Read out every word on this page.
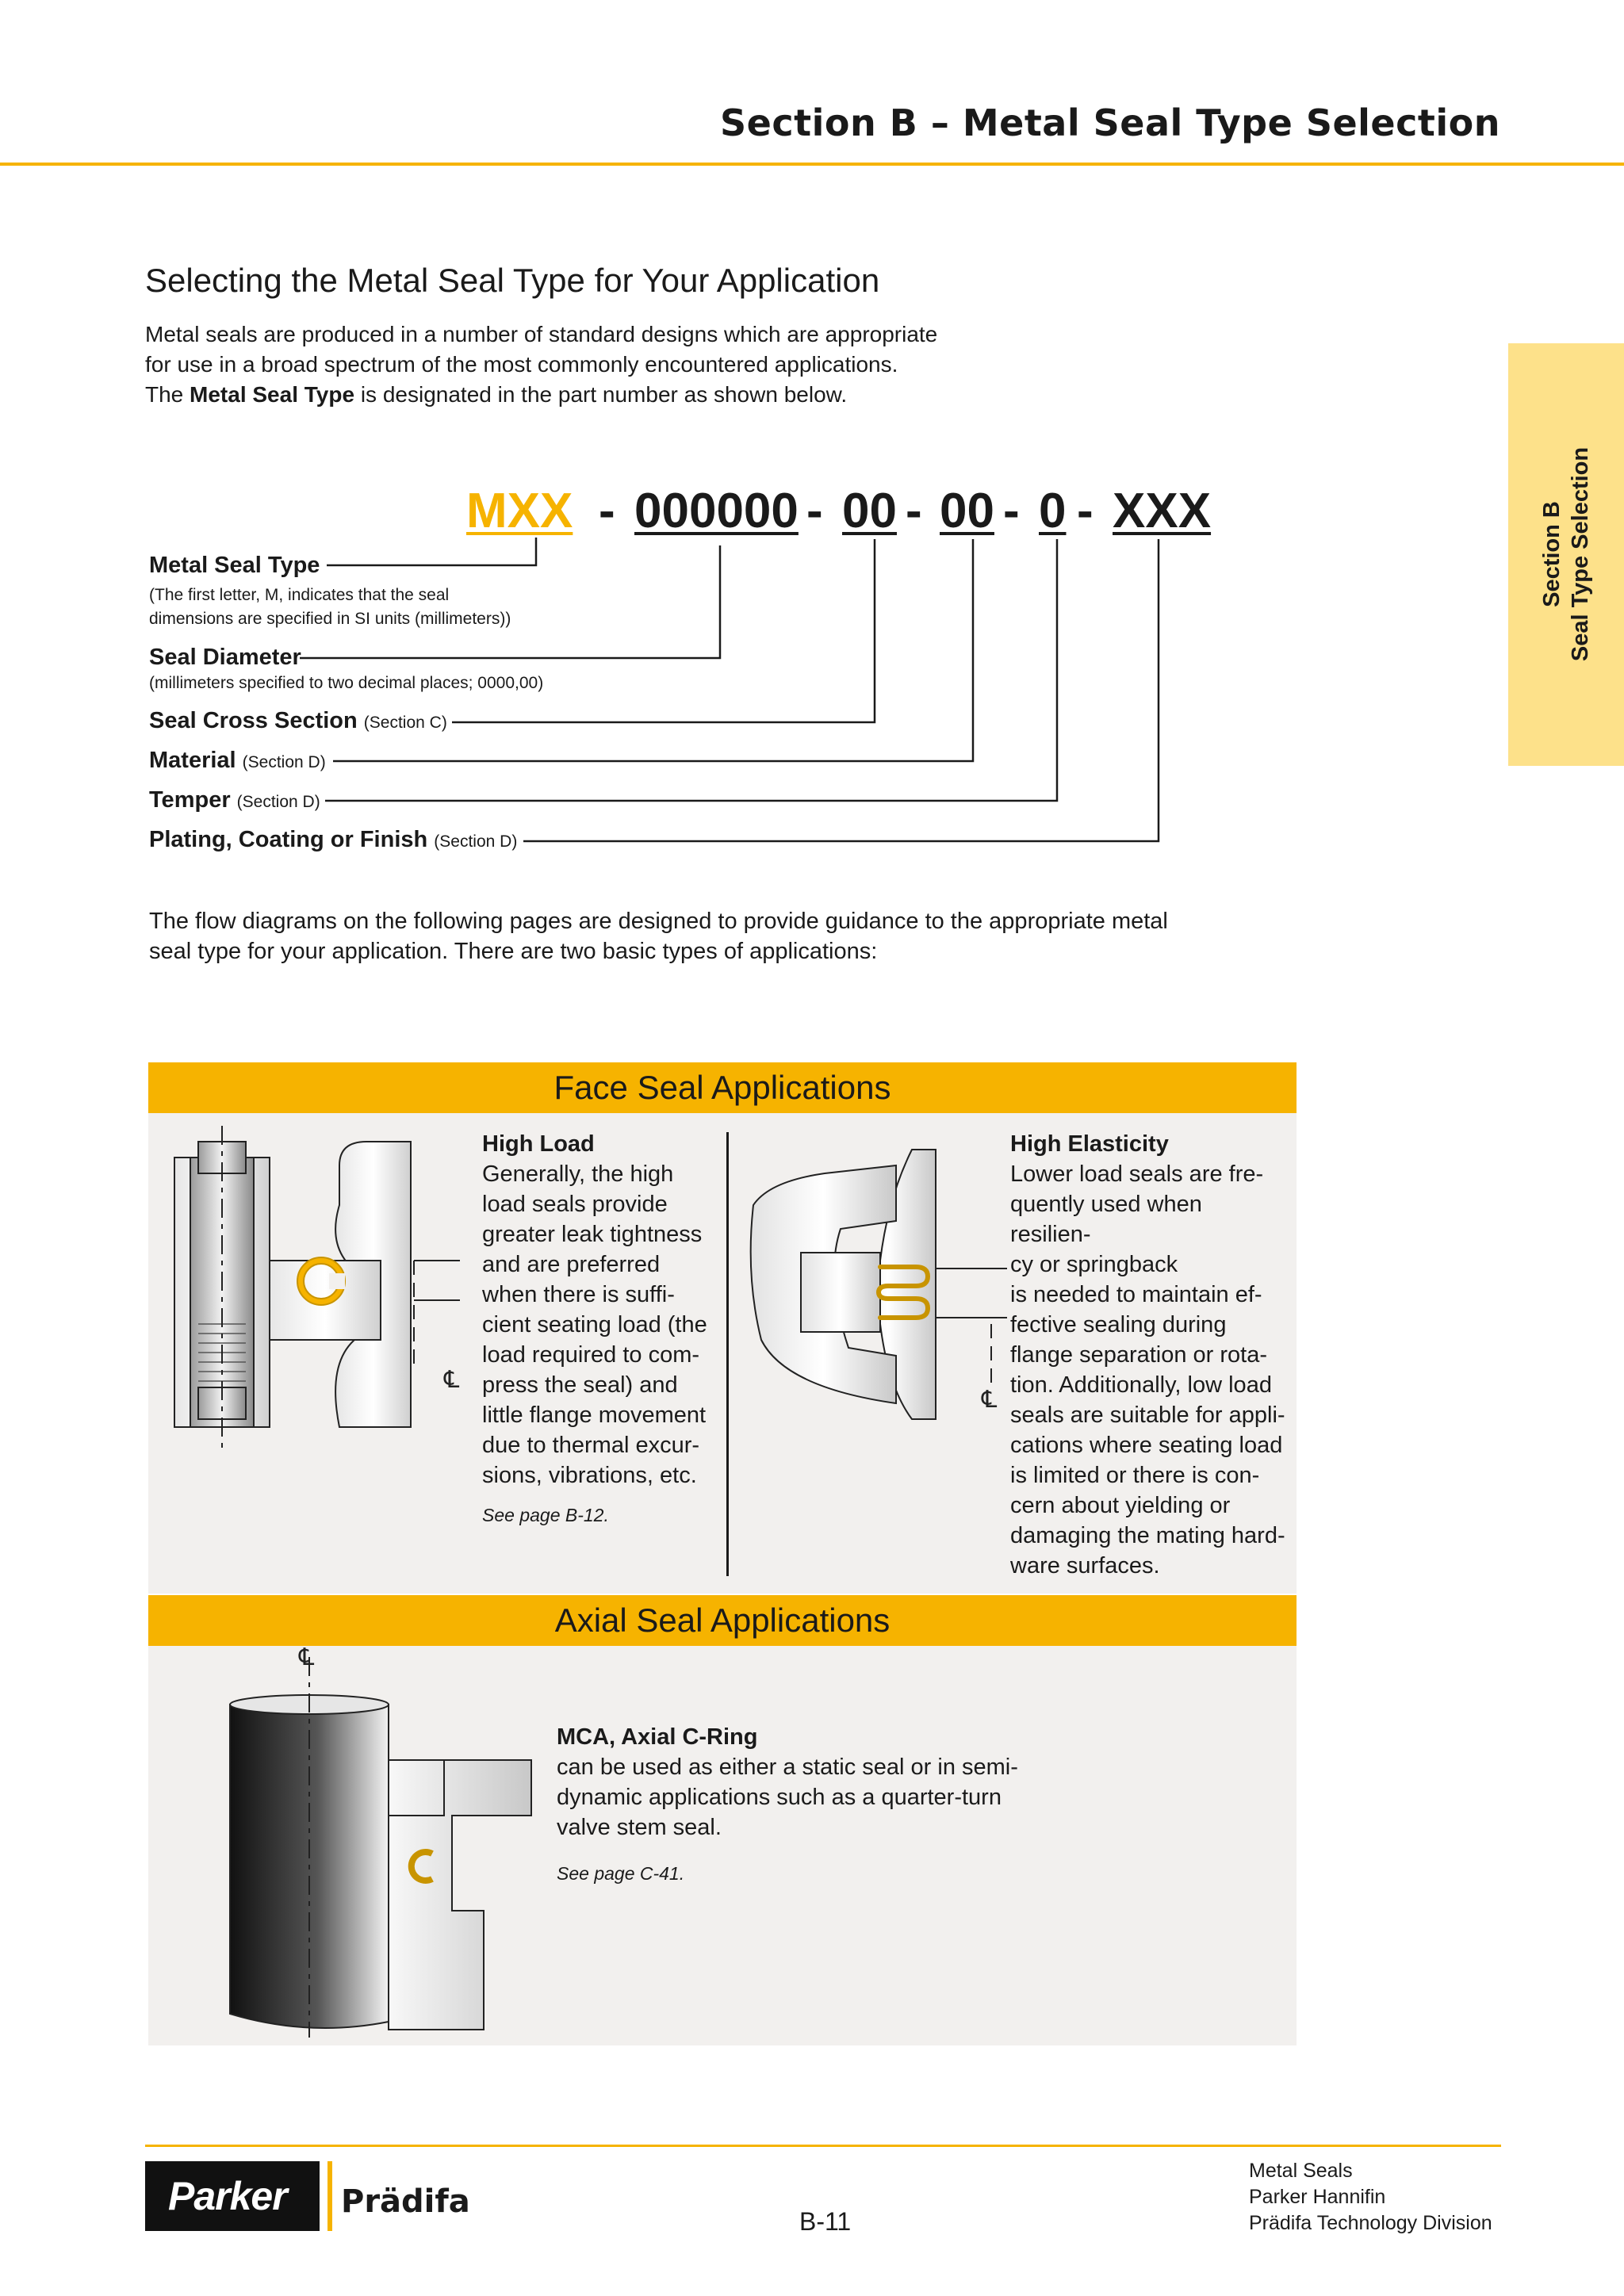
Section B – Metal Seal Type Selection
Section B Seal Type Selection
Selecting the Metal Seal Type for Your Application

Metal seals are produced in a number of standard designs which are appropriate

for use in a broad spectrum of the most commonly encountered applications.

The Metal Seal Type is designated in the part number as shown below.

MXX - 000000 - 00 - 00 - 0 - XXX
Metal Seal Type
(The first letter, M, indicates that the seal
dimensions are specified in SI units (millimeters))
Seal Diameter
(millimeters specified to two decimal places; 0000,00)
Seal Cross Section (Section C)
Material (Section D)
Temper (Section D)
Plating, Coating or Finish (Section D)
The flow diagrams on the following pages are designed to provide guidance to the appropriate metal
seal type for your application. There are two basic types of applications:
Face Seal Applications
℄
High Load
Generally, the high
load seals provide
greater leak tightness
and are preferred
when there is suffi-
cient seating load (the
load required to com-
press the seal) and
little flange movement
due to thermal excur-
sions, vibrations, etc.
See page B-12.
℄
High Elasticity
Lower load seals are fre-
quently used when resilien-
cy or springback
is needed to maintain ef-
fective sealing during
flange separation or rota-
tion. Additionally, low load
seals are suitable for appli-
cations where seating load
is limited or there is con-
cern about yielding or
damaging the mating hard-
ware surfaces.
Axial Seal Applications
℄
MCA, Axial C-Ring
can be used as either a static seal or in semi-
dynamic applications such as a quarter-turn
valve stem seal.
See page C-41.
Parker Prädifa
B-11
Metal Seals
Parker Hannifin
Prädifa Technology Division
